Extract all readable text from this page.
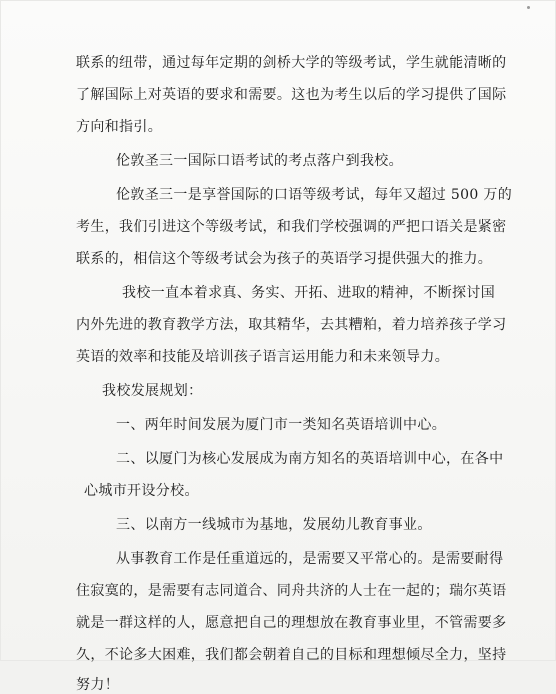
联系的纽带，通过每年定期的剑桥大学的等级考试，学生就能清晰的
了解国际上对英语的要求和需要。这也为考生以后的学习提供了国际
方向和指引。
伦敦圣三一国际口语考试的考点落户到我校。
伦敦圣三一是享誉国际的口语等级考试，每年又超过 500 万的
考生，我们引进这个等级考试，和我们学校强调的严把口语关是紧密
联系的，相信这个等级考试会为孩子的英语学习提供强大的推力。
我校一直本着求真、务实、开拓、进取的精神，不断探讨国
内外先进的教育教学方法，取其精华，去其糟粕，着力培养孩子学习
英语的效率和技能及培训孩子语言运用能力和未来领导力。
我校发展规划：
一、两年时间发展为厦门市一类知名英语培训中心。
二、以厦门为核心发展成为南方知名的英语培训中心，在各中
心城市开设分校。
三、以南方一线城市为基地，发展幼儿教育事业。
从事教育工作是任重道远的，是需要又平常心的。是需要耐得
住寂寞的，是需要有志同道合、同舟共济的人士在一起的；瑞尔英语
就是一群这样的人，愿意把自己的理想放在教育事业里，不管需要多
久，不论多大困难，我们都会朝着自己的目标和理想倾尽全力，坚持
努力！
